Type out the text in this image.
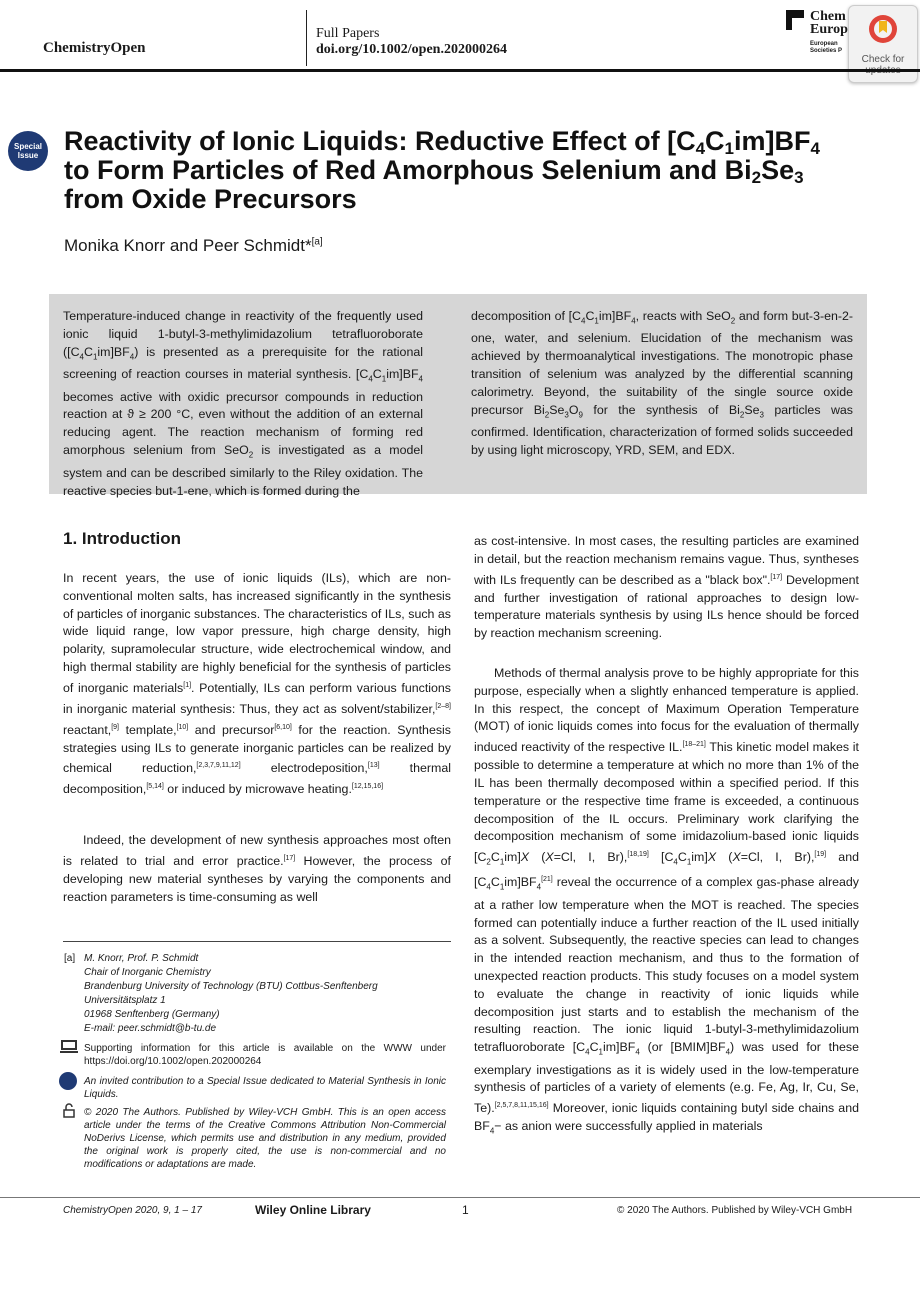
ChemistryOpen
Full Papers
doi.org/10.1002/open.202000264
Chem
Europ
European
Societies P
Check for
Special
Issue Reactivity of Ionic Liquids: Reductive Effect of $[C_4C_1im]BF_4$
to Form Particles of Red Amorphous Selenium and $Bi_2Se_3$
from Oxide Precursors
Monika Knorr and Peer Schmidt*[a]
Temperature-induced change in reactivity of the frequently used ionic liquid 1-butyl-3-methylimidazolium tetrafluoroborate $([C_4C_1im]BF_4)$ is presented as a prerequisite for the rational screening of reaction courses in material synthesis. $[C_4C_1im]BF_4$ becomes active with oxidic precursor compounds in reduction reaction at ϑ ≥ 200 °C, even without the addition of an external reducing agent. The reaction mechanism of forming red amorphous selenium from SeO$_2$ is investigated as a model system and can be described similarly to the Riley oxidation. The reactive species but-1-ene, which is formed during the
decomposition of $[C_4C_1im]BF_4$, reacts with SeO$_2$ and form but-3-en-2-one, water, and selenium. Elucidation of the mechanism was achieved by thermoanalytical investigations. The monotropic phase transition of selenium was analyzed by the differential scanning calorimetry. Beyond, the suitability of the single source oxide precursor $Bi_2Se_3O_9$ for the synthesis of $Bi_2Se_3$ particles was confirmed. Identification, characterization of formed solids succeeded by using light microscopy, YRD, SEM, and EDX.
1. Introduction

In recent years, the use of ionic liquids (ILs), which are non-conventional molten salts, has increased significantly in the synthesis of particles of inorganic substances. The characteristics of ILs, such as wide liquid range, low vapor pressure, high charge density, high polarity, supramolecular structure, wide electrochemical window, and high thermal stability are highly beneficial for the synthesis of particles of inorganic materials[1]. Potentially, ILs can perform various functions in inorganic material synthesis: Thus, they act as solvent/stabilizer,[2–8] reactant,[9] template,[10] and precursor[6,10] for the reaction. Synthesis strategies using ILs to generate inorganic particles can be realized by chemical reduction,[2,3,7,9,11,12] electrodeposition,[13] thermal decomposition,[5,14] or induced by microwave heating.[12,15,16]

Indeed, the development of new synthesis approaches most often is related to trial and error practice.[17] However, the process of developing new material syntheses by varying the components and reaction parameters is time-consuming as well

as cost-intensive. In most cases, the resulting particles are examined in detail, but the reaction mechanism remains vague. Thus, syntheses with ILs frequently can be described as a "black box".[17] Development and further investigation of rational approaches to design low-temperature materials synthesis by using ILs hence should be forced by reaction mechanism screening.

Methods of thermal analysis prove to be highly appropriate for this purpose, especially when a slightly enhanced temperature is applied. In this respect, the concept of Maximum Operation Temperature (MOT) of ionic liquids comes into focus for the evaluation of thermally induced reactivity of the respective IL.[18–21] This kinetic model makes it possible to determine a temperature at which no more than 1% of the IL has been thermally decomposed within a specified period. If this temperature or the respective time frame is exceeded, a continuous decomposition of the IL occurs. Preliminary work clarifying the decomposition mechanism of some imidazolium-based ionic liquids $[C_2C_1im]X$ (X=Cl, I, Br),[18,19] $[C_4C_1im]X$ (X=Cl, I, Br),[19] and $[C_4C_1im]BF_4[21]$ reveal the occurrence of a complex gas-phase already at a rather low temperature when the MOT is reached. The species formed can potentially induce a further reaction of the IL used initially as a solvent. Subsequently, the reactive species can lead to changes in the intended reaction mechanism, and thus to the formation of unexpected reaction products. This study focuses on a model system to evaluate the change in reactivity of ionic liquids while decomposition just starts and to establish the mechanism of the resulting reaction. The ionic liquid 1-butyl-3-methylimidazolium tetrafluoroborate $[C_4C_1im]BF_4$ (or $[BMIM]BF_4$) was used for these exemplary investigations as it is widely used in the low-temperature synthesis of particles of a variety of elements (e.g. Fe, Ag, Ir, Cu, Se, Te).[2,5,7,8,11,15,16] Moreover, ionic liquids containing butyl side chains and $BF_4-$ as anion were successfully applied in materials

[a] M. Knorr, Prof. P. Schmidt
Chair of Inorganic Chemistry
Brandenburg University of Technology (BTU) Cottbus-Senftenberg
Universitätsplatz 1
01968 Senftenberg (Germany)
E-mail: peer.schmidt@b-tu.de
Supporting information for this article is available on the WWW under https://doi.org/10.1002/open.202000264
An invited contribution to a Special Issue dedicated to Material Synthesis in Ionic Liquids.
© 2020 The Authors. Published by Wiley-VCH GmbH. This is an open access article under the terms of the Creative Commons Attribution Non-Commercial NoDerivs License, which permits use and distribution in any medium, provided the original work is properly cited, the use is non-commercial and no modifications or adaptations are made.
ChemistryOpen 2020, 9, 1 – 17	Wiley Online Library	1	© 2020 The Authors. Published by Wiley-VCH GmbH
